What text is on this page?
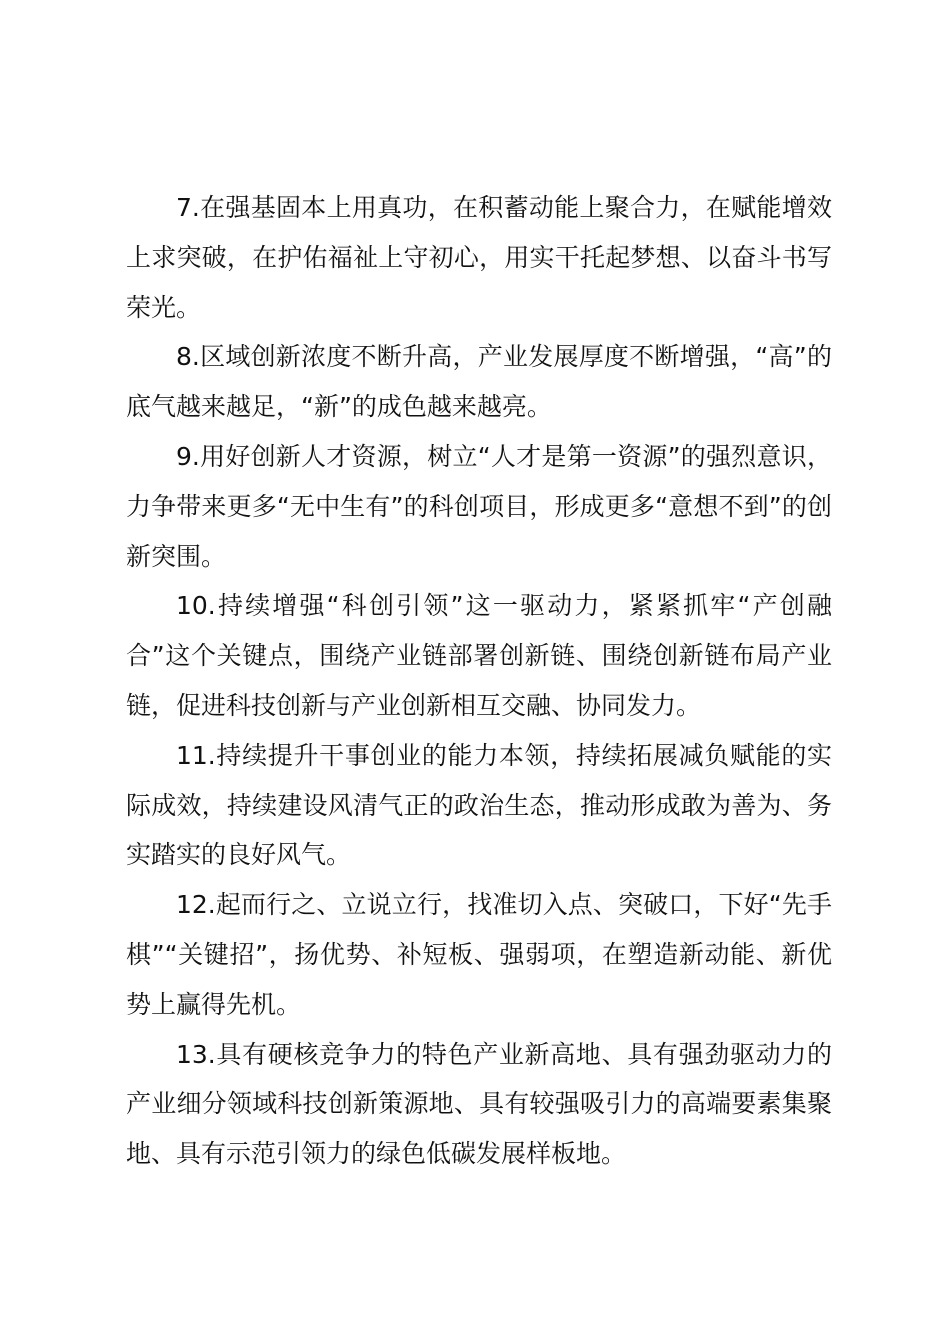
7.在强基固本上用真功，在积蓄动能上聚合力，在赋能增效上求突破，在护佑福祉上守初心，用实干托起梦想、以奋斗书写荣光。

8.区域创新浓度不断升高，产业发展厚度不断增强，“高”的底气越来越足，“新”的成色越来越亮。

9.用好创新人才资源，树立“人才是第一资源”的强烈意识，力争带来更多“无中生有”的科创项目，形成更多“意想不到”的创新突围。

10.持续增强“科创引领”这一驱动力，紧紧抓牢“产创融合”这个关键点，围绕产业链部署创新链、围绕创新链布局产业链，促进科技创新与产业创新相互交融、协同发力。

11.持续提升干事创业的能力本领，持续拓展减负赋能的实际成效，持续建设风清气正的政治生态，推动形成敢为善为、务实踏实的良好风气。

12.起而行之、立说立行，找准切入点、突破口，下好“先手棋”“关键招”，扬优势、补短板、强弱项，在塑造新动能、新优势上赢得先机。

13.具有硬核竞争力的特色产业新高地、具有强劲驱动力的产业细分领域科技创新策源地、具有较强吸引力的高端要素集聚地、具有示范引领力的绿色低碳发展样板地。
